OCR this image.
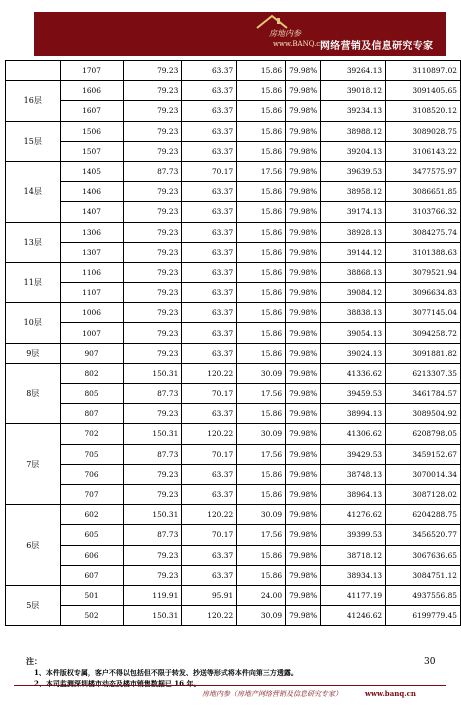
房地内参
www.BANQ.cn
网络营销及信息研究专家
	1707	79.23	63.37	15.86	79.98%	39264.13	3110897.02
16层	1606	79.23	63.37	15.86	79.98%	39018.12	3091405.65
	1607	79.23	63.37	15.86	79.98%	39234.13	3108520.12
15层	1506	79.23	63.37	15.86	79.98%	38988.12	3089028.75
	1507	79.23	63.37	15.86	79.98%	39204.13	3106143.22
14层	1405	87.73	70.17	17.56	79.98%	39639.53	3477575.97
	1406	79.23	63.37	15.86	79.98%	38958.12	3086651.85
	1407	79.23	63.37	15.86	79.98%	39174.13	3103766.32
13层	1306	79.23	63.37	15.86	79.98%	38928.13	3084275.74
	1307	79.23	63.37	15.86	79.98%	39144.12	3101388.63
11层	1106	79.23	63.37	15.86	79.98%	38868.13	3079521.94
	1107	79.23	63.37	15.86	79.98%	39084.12	3096634.83
10层	1006	79.23	63.37	15.86	79.98%	38838.13	3077145.04
	1007	79.23	63.37	15.86	79.98%	39054.13	3094258.72
9层	907	79.23	63.37	15.86	79.98%	39024.13	3091881.82
8层	802	150.31	120.22	30.09	79.98%	41336.62	6213307.35
	805	87.73	70.17	17.56	79.98%	39459.53	3461784.57
	807	79.23	63.37	15.86	79.98%	38994.13	3089504.92
7层	702	150.31	120.22	30.09	79.98%	41306.62	6208798.05
	705	87.73	70.17	17.56	79.98%	39429.53	3459152.67
	706	79.23	63.37	15.86	79.98%	38748.13	3070014.34
	707	79.23	63.37	15.86	79.98%	38964.13	3087128.02
6层	602	150.31	120.22	30.09	79.98%	41276.62	6204288.75
	605	87.73	70.17	17.56	79.98%	39399.53	3456520.77
	606	79.23	63.37	15.86	79.98%	38718.12	3067636.65
	607	79.23	63.37	15.86	79.98%	38934.13	3084751.12
5层	501	119.91	95.91	24.00	79.98%	41177.19	4937556.85
	502	150.31	120.22	30.09	79.98%	41246.62	6199779.45
注：	30
1、本件版权专属，客户不得以包括但不限于转发、抄送等形式将本件向第三方透露。
2、本司监测深圳楼市动态及楼市销售数据已 16 年。
房地内参（房地产网络营销及信息研究专家）	www.banq.cn
